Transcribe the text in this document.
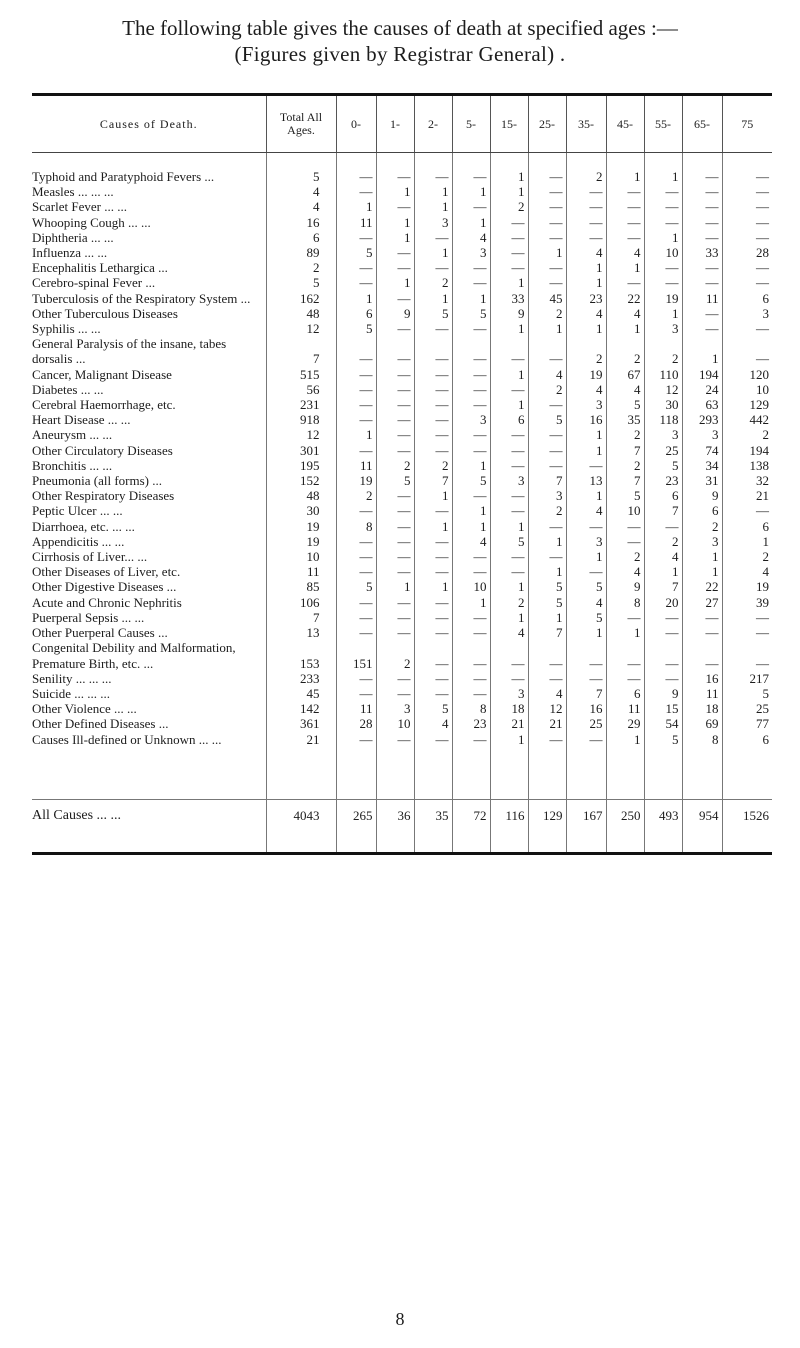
The following table gives the causes of death at specified ages :—
(Figures given by Registrar General) .
Causes of Death.	Total All Ages.	0-	1-	2-	5-	15-	25-	35-	45-	55-	65-	75

Typhoid and Paratyphoid Fevers ...	5	—	—	—	—	1	—	2	1	1	—	—
Measles ... ... ...	4	—	1	1	1	1	—	—	—	—	—	—
Scarlet Fever ... ...	4	1	—	1	—	2	—	—	—	—	—	—
Whooping Cough ... ...	16	11	1	3	1	—	—	—	—	—	—	—
Diphtheria ... ...	6	—	1	—	4	—	—	—	—	1	—	—
Influenza ... ...	89	5	—	1	3	—	1	4	4	10	33	28
Encephalitis Lethargica ...	2	—	—	—	—	—	—	1	1	—	—	—
Cerebro-spinal Fever ...	5	—	1	2	—	1	—	1	—	—	—	—
Tuberculosis of the Respiratory System ...	162	1	—	1	1	33	45	23	22	19	11	6
Other Tuberculous Diseases	48	6	9	5	5	9	2	4	4	1	—	3
Syphilis ... ...	12	5	—	—	—	1	1	1	1	3	—	—
General Paralysis of the insane, tabes dorsalis ...	7	—	—	—	—	—	—	2	2	2	1	—
Cancer, Malignant Disease	515	—	—	—	—	1	4	19	67	110	194	120
Diabetes ... ...	56	—	—	—	—	—	2	4	4	12	24	10
Cerebral Haemorrhage, etc.	231	—	—	—	—	1	—	3	5	30	63	129
Heart Disease ... ...	918	—	—	—	3	6	5	16	35	118	293	442
Aneurysm ... ...	12	1	—	—	—	—	—	1	2	3	3	2
Other Circulatory Diseases	301	—	—	—	—	—	—	1	7	25	74	194
Bronchitis ... ...	195	11	2	2	1	—	—	—	2	5	34	138
Pneumonia (all forms) ...	152	19	5	7	5	3	7	13	7	23	31	32
Other Respiratory Diseases	48	2	—	1	—	—	3	1	5	6	9	21
Peptic Ulcer ... ...	30	—	—	—	1	—	2	4	10	7	6	—
Diarrhoea, etc. ... ...	19	8	—	1	1	1	—	—	—	—	2	6
Appendicitis ... ...	19	—	—	—	4	5	1	3	—	2	3	1
Cirrhosis of Liver... ...	10	—	—	—	—	—	—	1	2	4	1	2
Other Diseases of Liver, etc.	11	—	—	—	—	—	1	—	4	1	1	4
Other Digestive Diseases ...	85	5	1	1	10	1	5	5	9	7	22	19
Acute and Chronic Nephritis	106	—	—	—	1	2	5	4	8	20	27	39
Puerperal Sepsis ... ...	7	—	—	—	—	1	1	5	—	—	—	—
Other Puerperal Causes ...	13	—	—	—	—	4	7	1	1	—	—	—
Congenital Debility and Malformation, Premature Birth, etc. ...	153	151	2	—	—	—	—	—	—	—	—	—
Senility ... ... ...	233	—	—	—	—	—	—	—	—	—	16	217
Suicide ... ... ...	45	—	—	—	—	3	4	7	6	9	11	5
Other Violence ... ...	142	11	3	5	8	18	12	16	11	15	18	25
Other Defined Diseases ...	361	28	10	4	23	21	21	25	29	54	69	77
Causes Ill-defined or Unknown ... ...	21	—	—	—	—	1	—	—	1	5	8	6

All Causes ... ...	4043	265	36	35	72	116	129	167	250	493	954	1526
8
